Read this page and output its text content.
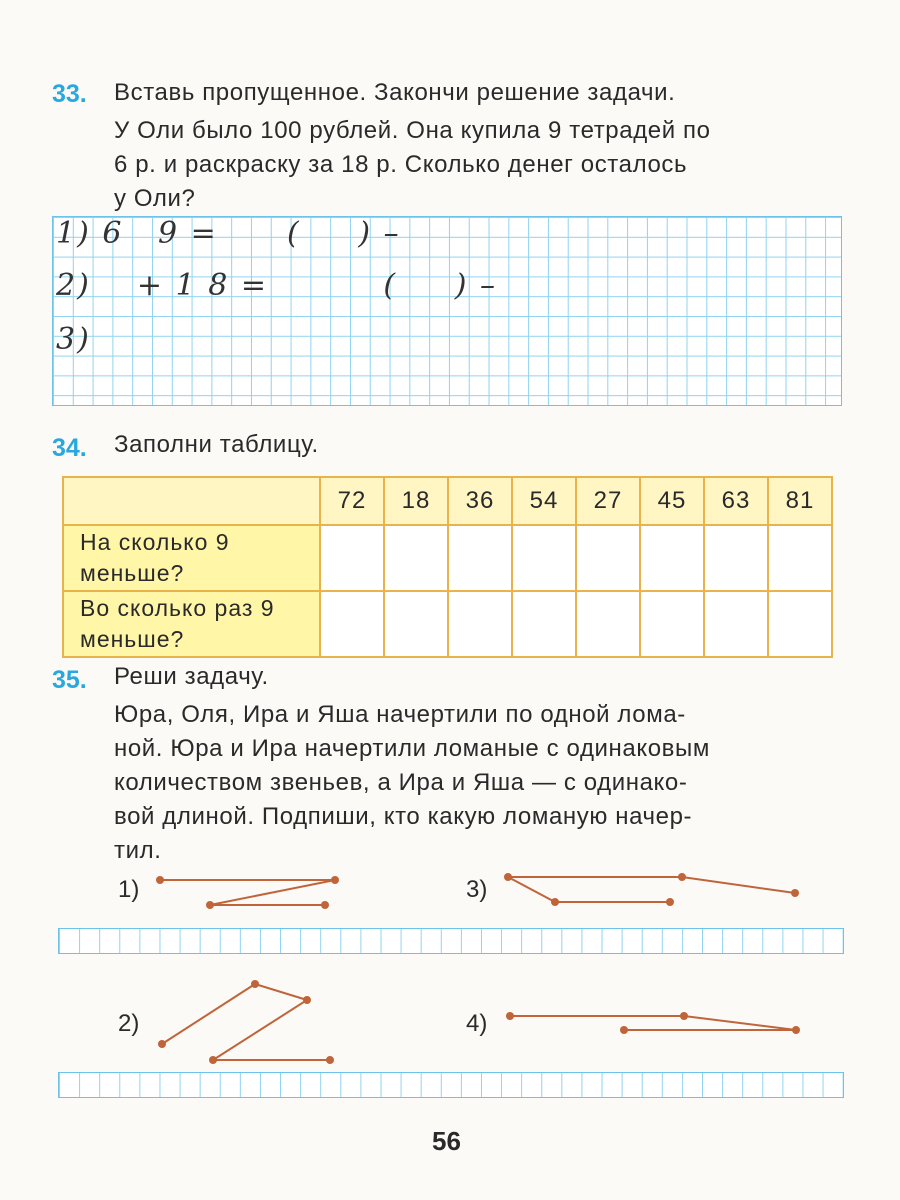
33. Вставь пропущенное. Закончи решение задачи.
У Оли было 100 рублей. Она купила 9 тетрадей по
6 р. и раскраску за 18 р. Сколько денег осталось
у Оли?
1) 6   9 =      (     ) –
2)    + 1 8 =          (     ) –
3)
34. Заполни таблицу.
	72	18	36	54	27	45	63	81
На сколько 9
меньше?								
Во сколько раз 9
меньше?								
35. Реши задачу.
Юра, Оля, Ира и Яша начертили по одной лома-
ной. Юра и Ира начертили ломаные с одинаковым
количеством звеньев, а Ира и Яша — с одинако-
вой длиной. Подпиши, кто какую ломаную начер-
тил.
1)	3)
2)	4)
56
